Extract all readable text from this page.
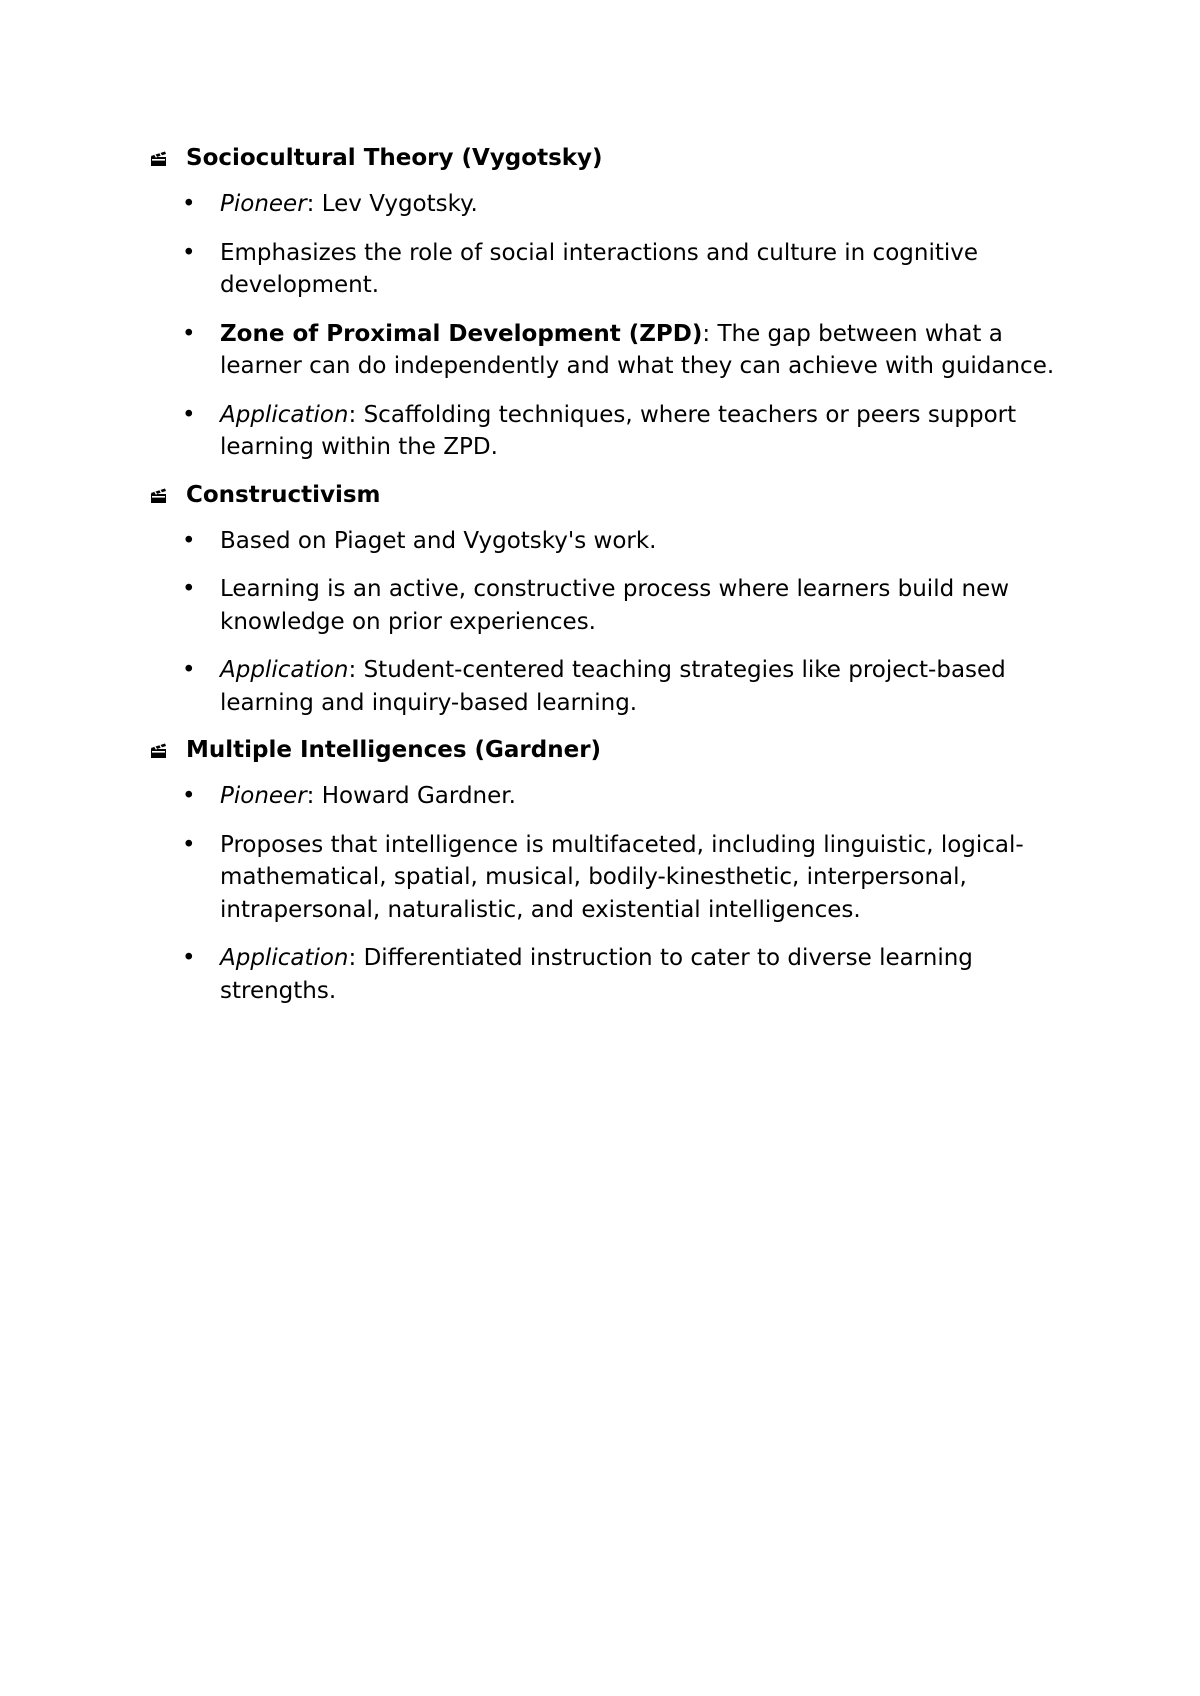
Sociocultural Theory (Vygotsky)
• Pioneer: Lev Vygotsky.
• Emphasizes the role of social interactions and culture in cognitive development.
• Zone of Proximal Development (ZPD): The gap between what a learner can do independently and what they can achieve with guidance.
• Application: Scaffolding techniques, where teachers or peers support learning within the ZPD.
Constructivism
• Based on Piaget and Vygotsky's work.
• Learning is an active, constructive process where learners build new knowledge on prior experiences.
• Application: Student-centered teaching strategies like project-based learning and inquiry-based learning.
Multiple Intelligences (Gardner)
• Pioneer: Howard Gardner.
• Proposes that intelligence is multifaceted, including linguistic, logical-mathematical, spatial, musical, bodily-kinesthetic, interpersonal, intrapersonal, naturalistic, and existential intelligences.
• Application: Differentiated instruction to cater to diverse learning strengths.
